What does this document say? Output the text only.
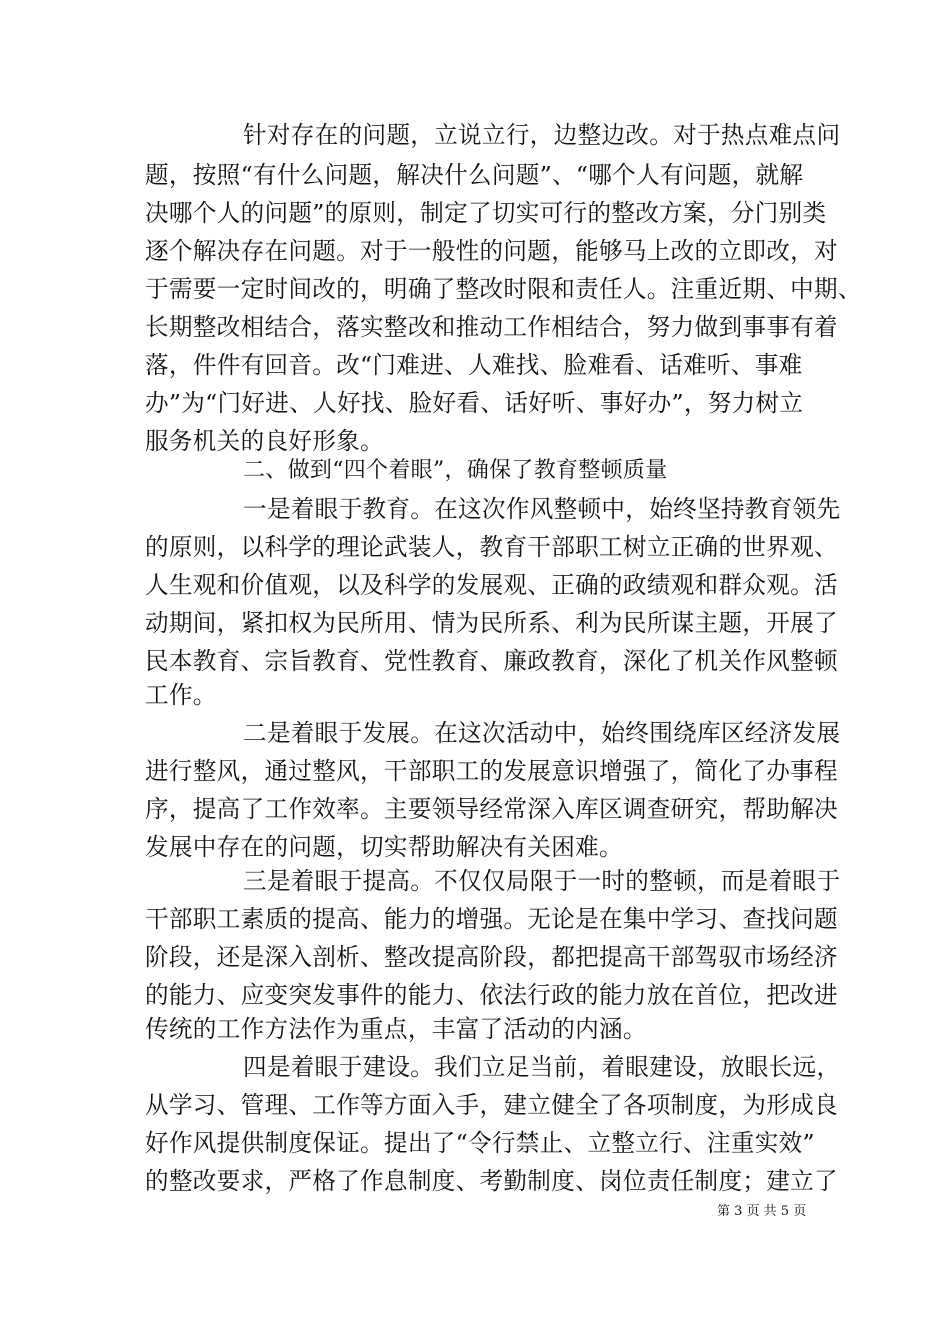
针对存在的问题，立说立行，边整边改。对于热点难点问
题，按照“有什么问题，解决什么问题”、“哪个人有问题，就解
决哪个人的问题”的原则，制定了切实可行的整改方案，分门别类
逐个解决存在问题。对于一般性的问题，能够马上改的立即改，对
于需要一定时间改的，明确了整改时限和责任人。注重近期、中期、
长期整改相结合，落实整改和推动工作相结合，努力做到事事有着
落，件件有回音。改“门难进、人难找、脸难看、话难听、事难
办”为“门好进、人好找、脸好看、话好听、事好办”，努力树立
服务机关的良好形象。
二、做到“四个着眼”，确保了教育整顿质量
一是着眼于教育。在这次作风整顿中，始终坚持教育领先
的原则，以科学的理论武装人，教育干部职工树立正确的世界观、
人生观和价值观，以及科学的发展观、正确的政绩观和群众观。活
动期间，紧扣权为民所用、情为民所系、利为民所谋主题，开展了
民本教育、宗旨教育、党性教育、廉政教育，深化了机关作风整顿
工作。
二是着眼于发展。在这次活动中，始终围绕库区经济发展
进行整风，通过整风，干部职工的发展意识增强了，简化了办事程
序，提高了工作效率。主要领导经常深入库区调查研究，帮助解决
发展中存在的问题，切实帮助解决有关困难。
三是着眼于提高。不仅仅局限于一时的整顿，而是着眼于
干部职工素质的提高、能力的增强。无论是在集中学习、查找问题
阶段，还是深入剖析、整改提高阶段，都把提高干部驾驭市场经济
的能力、应变突发事件的能力、依法行政的能力放在首位，把改进
传统的工作方法作为重点，丰富了活动的内涵。
四是着眼于建设。我们立足当前，着眼建设，放眼长远，
从学习、管理、工作等方面入手，建立健全了各项制度，为形成良
好作风提供制度保证。提出了“令行禁止、立整立行、注重实效”
的整改要求，严格了作息制度、考勤制度、岗位责任制度；建立了
第 3 页 共 5 页
